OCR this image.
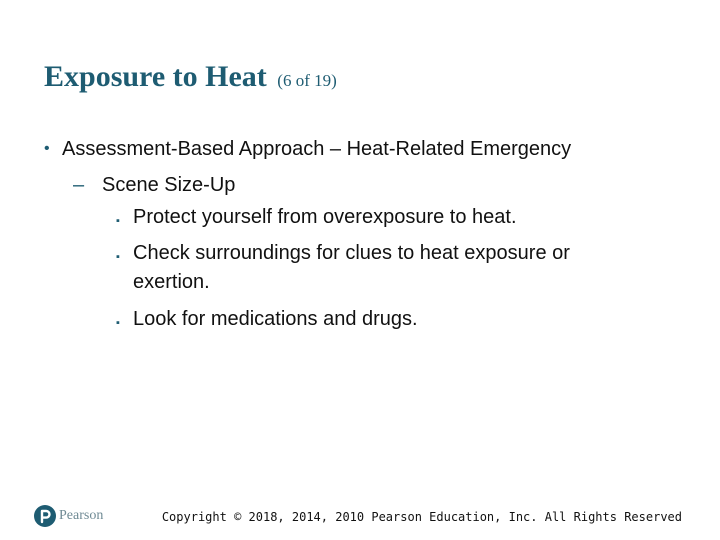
Exposure to Heat (6 of 19)
• Assessment-Based Approach – Heat-Related Emergency
– Scene Size-Up
▪ Protect yourself from overexposure to heat.
▪ Check surroundings for clues to heat exposure or
exertion.
▪ Look for medications and drugs.
Pearson	Copyright © 2018, 2014, 2010 Pearson Education, Inc. All Rights Reserved
